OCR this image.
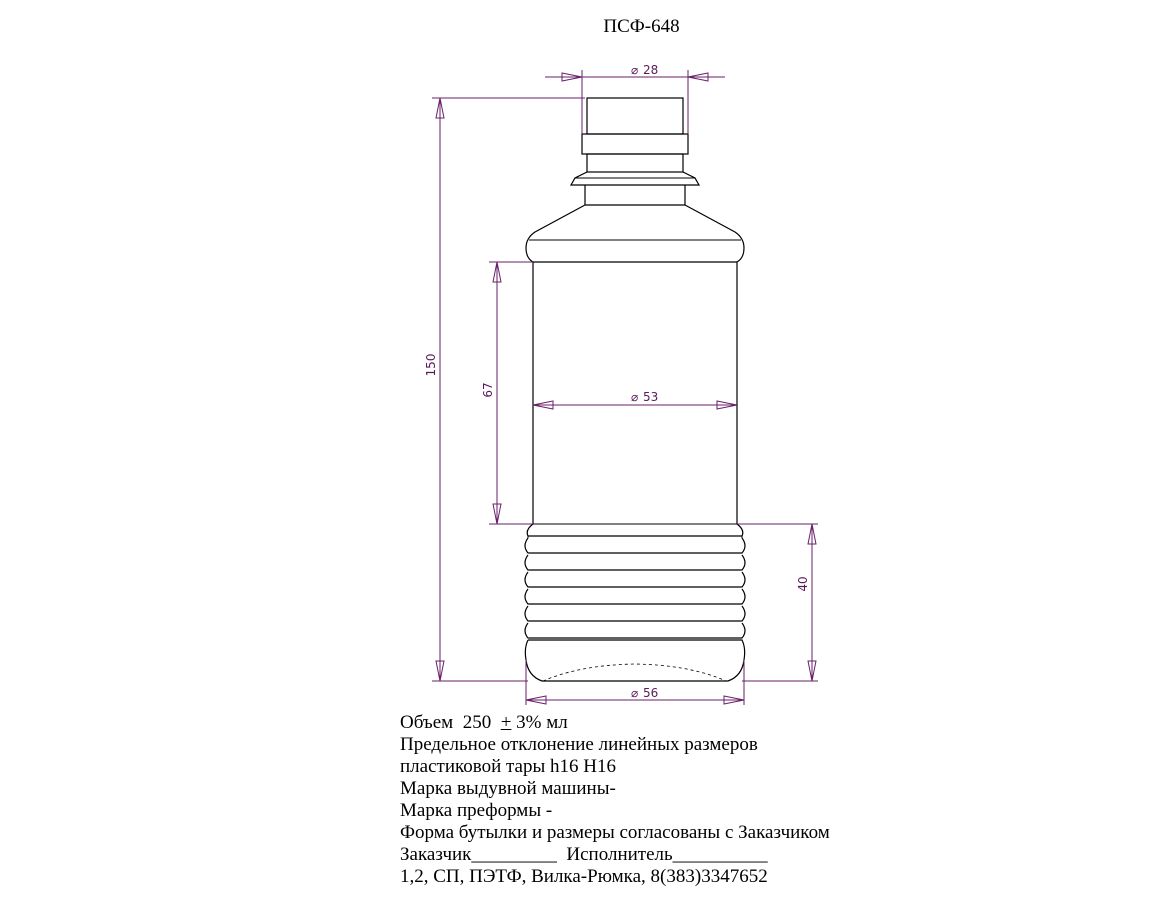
ПСФ-648
150
67
40
⌀ 28
⌀ 53
⌀ 56
Объем  250  + 3% мл
Предельное отклонение линейных размеров
пластиковой тары h16 H16
Марка выдувной машины-
Марка преформы -
Форма бутылки и размеры согласованы с Заказчиком
Заказчик_________  Исполнитель__________
1,2, СП, ПЭТФ, Вилка-Рюмка, 8(383)3347652
